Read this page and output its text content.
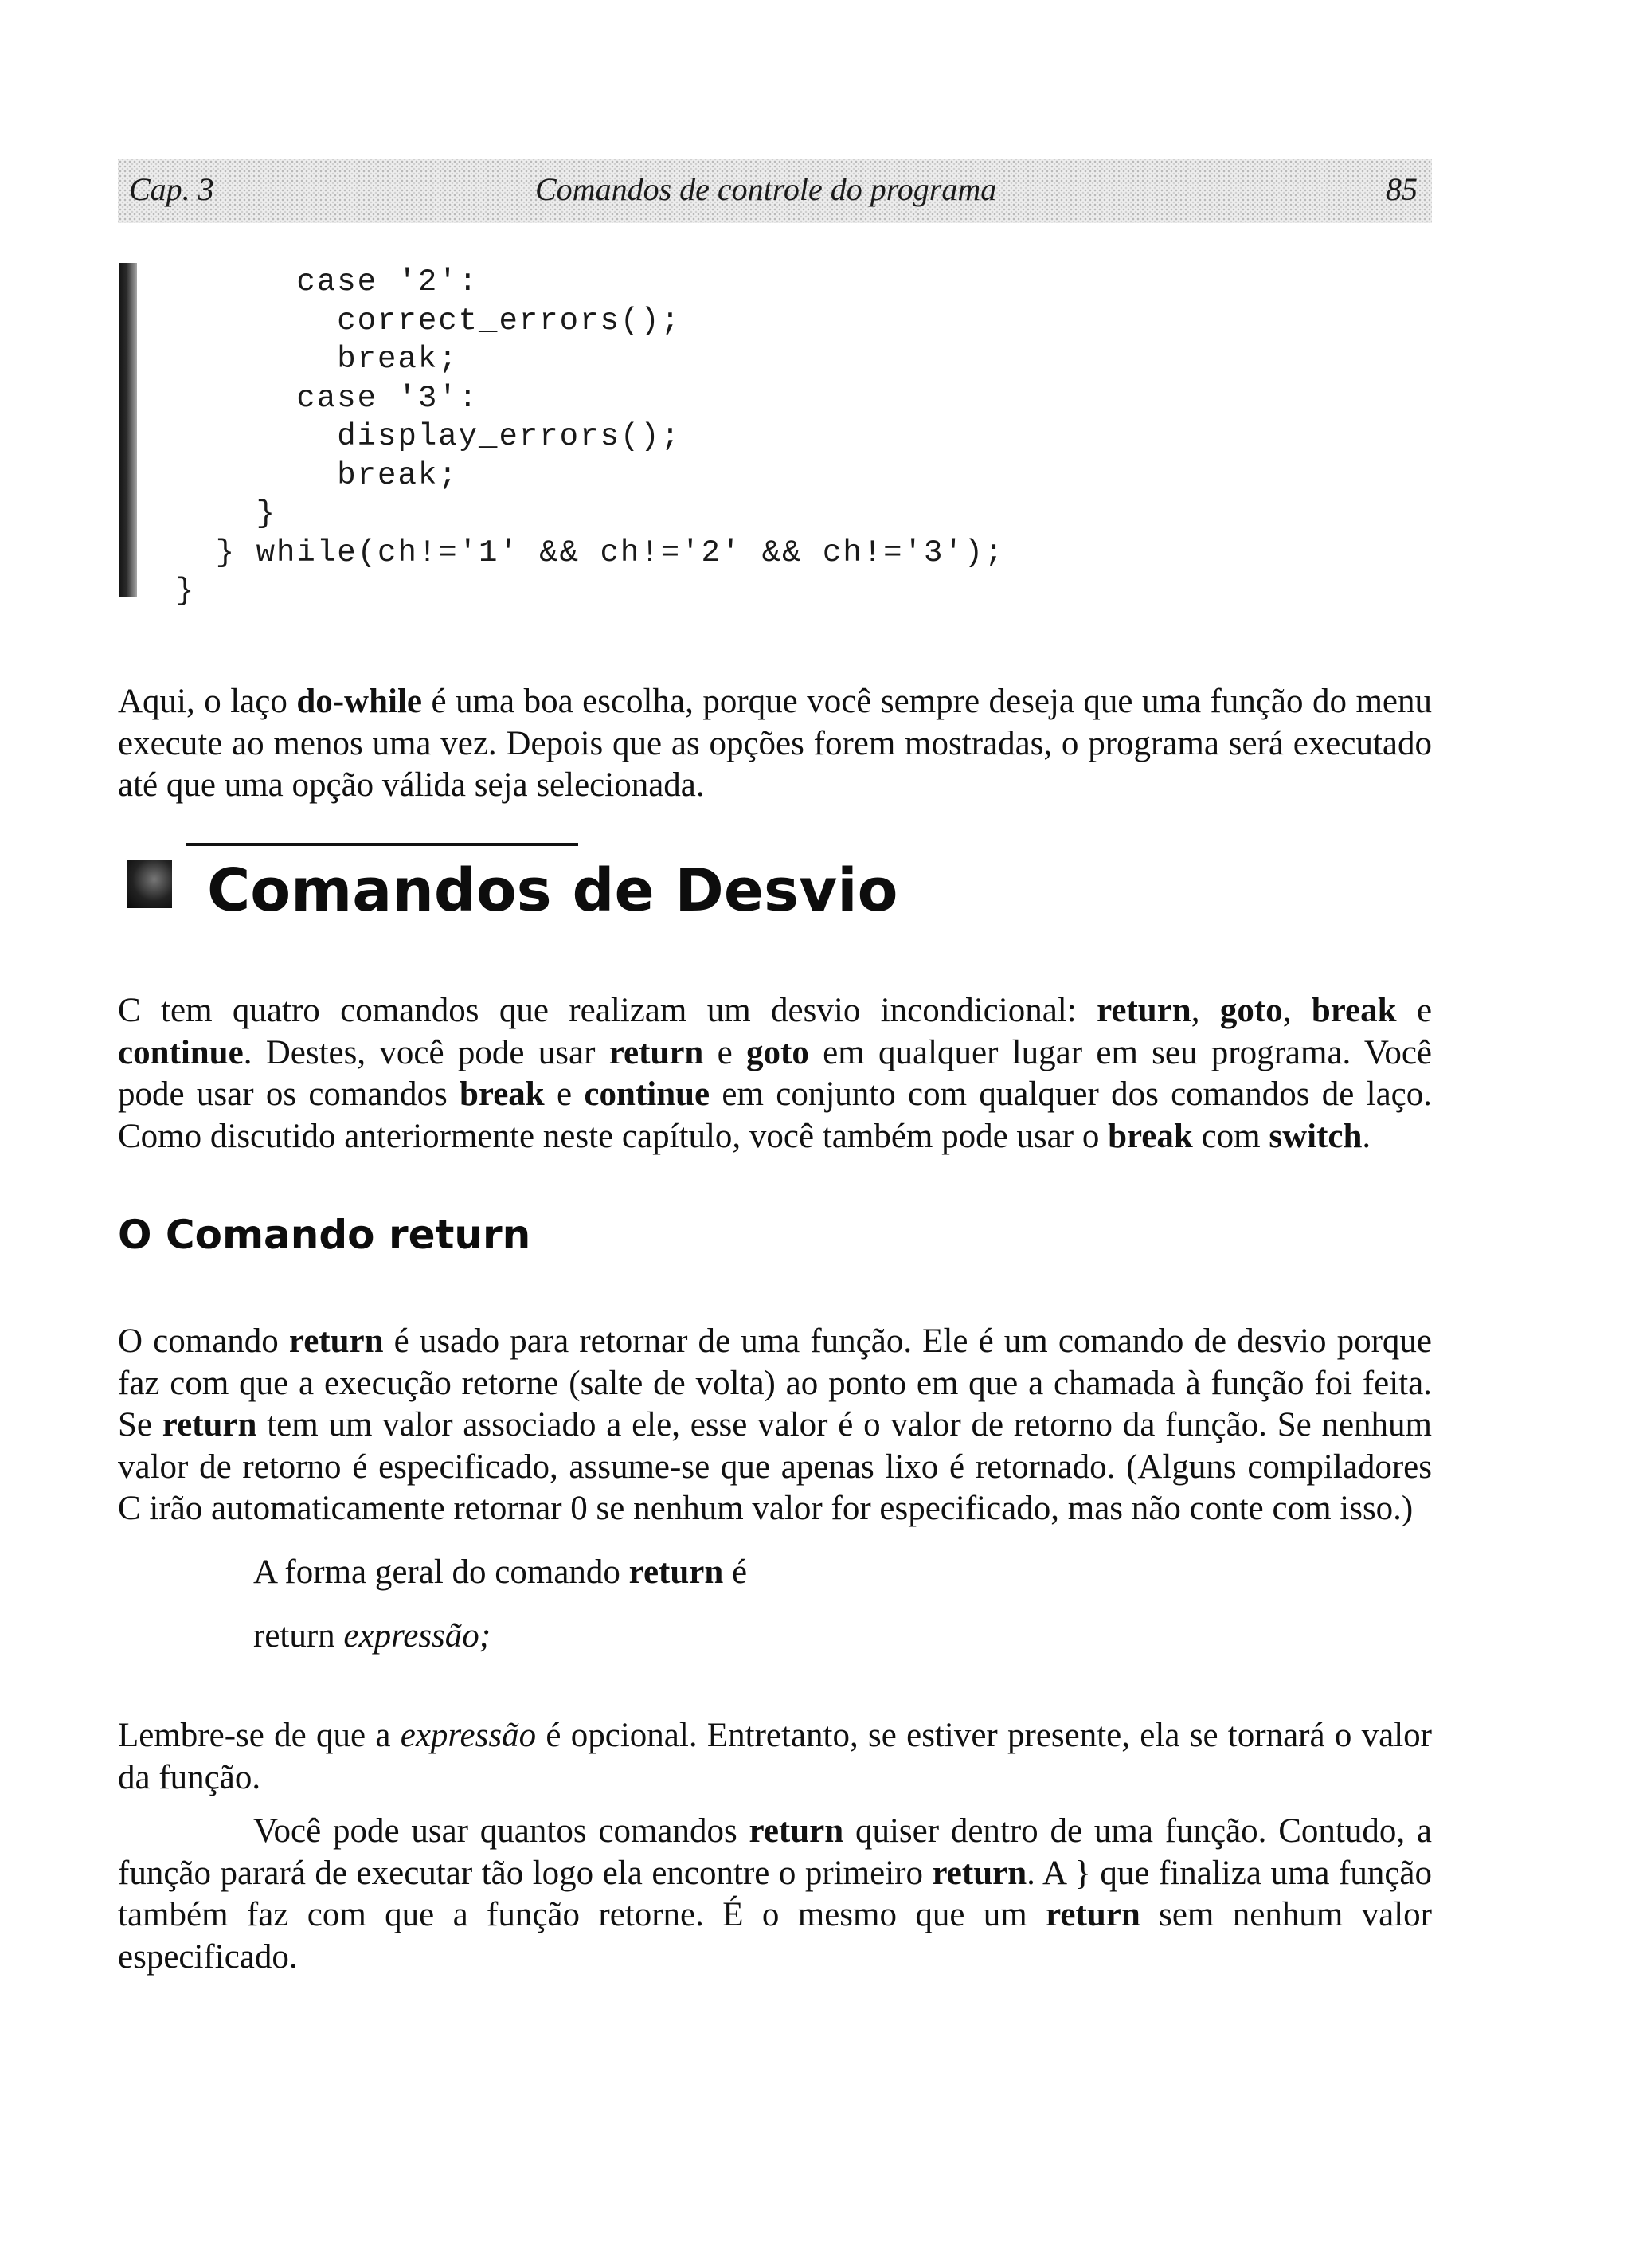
Cap. 3	Comandos de controle do programa	85
case '2':
correct_errors();
break;
case '3':
display_errors();
break;
}
} while(ch!='1' && ch!='2' && ch!='3');
}

Aqui, o laço do-while é uma boa escolha, porque você sempre deseja que uma função do menu execute ao menos uma vez. Depois que as opções forem mostradas, o programa será executado até que uma opção válida seja selecionada.

Comandos de Desvio

C tem quatro comandos que realizam um desvio incondicional: return, goto, break e continue. Destes, você pode usar return e goto em qualquer lugar em seu programa. Você pode usar os comandos break e continue em conjunto com qualquer dos comandos de laço. Como discutido anteriormente neste capítulo, você também pode usar o break com switch.

O Comando return

O comando return é usado para retornar de uma função. Ele é um comando de desvio porque faz com que a execução retorne (salte de volta) ao ponto em que a chamada à função foi feita. Se return tem um valor associado a ele, esse valor é o valor de retorno da função. Se nenhum valor de retorno é especificado, assume-se que apenas lixo é retornado. (Alguns compiladores C irão automaticamente retornar 0 se nenhum valor for especificado, mas não conte com isso.)

A forma geral do comando return é
return expressão;

Lembre-se de que a expressão é opcional. Entretanto, se estiver presente, ela se tornará o valor da função.

Você pode usar quantos comandos return quiser dentro de uma função. Contudo, a função parará de executar tão logo ela encontre o primeiro return. A } que finaliza uma função também faz com que a função retorne. É o mesmo que um return sem nenhum valor especificado.
